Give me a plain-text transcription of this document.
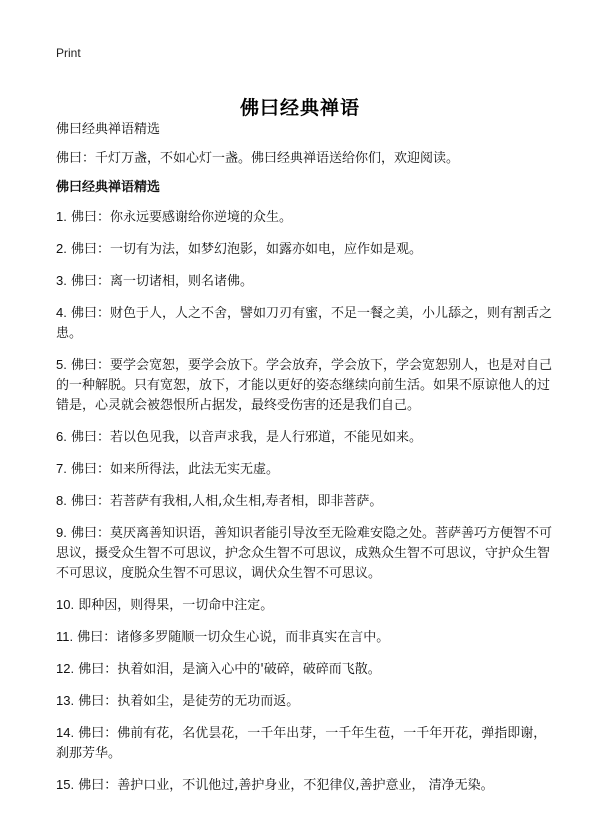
Print
佛曰经典禅语

佛曰经典禅语精选

佛曰：千灯万盏，不如心灯一盏。佛曰经典禅语送给你们，欢迎阅读。

佛曰经典禅语精选

1. 佛曰：你永远要感谢给你逆境的众生。
2. 佛曰：一切有为法，如梦幻泡影，如露亦如电，应作如是观。
3. 佛曰：离一切诸相，则名诸佛。
4. 佛曰：财色于人，人之不舍，譬如刀刃有蜜，不足一餐之美，小儿舔之，则有割舌之患。
5. 佛曰：要学会宽恕，要学会放下。学会放弃，学会放下，学会宽恕别人，也是对自己的一种解脱。只有宽恕，放下，才能以更好的姿态继续向前生活。如果不原谅他人的过错是，心灵就会被怨恨所占据发，最终受伤害的还是我们自己。
6. 佛曰：若以色见我，以音声求我，是人行邪道，不能见如来。
7. 佛曰：如来所得法，此法无实无虚。
8. 佛曰：若菩萨有我相,人相,众生相,寿者相，即非菩萨。
9. 佛曰：莫厌离善知识语，善知识者能引导汝至无险难安隐之处。菩萨善巧方便智不可思议，摄受众生智不可思议，护念众生智不可思议，成熟众生智不可思议，守护众生智不可思议，度脱众生智不可思议，调伏众生智不可思议。
10. 即种因，则得果，一切命中注定。
11. 佛曰：诸修多罗随顺一切众生心说，而非真实在言中。
12. 佛曰：执着如泪，是滴入心中的'破碎，破碎而飞散。
13. 佛曰：执着如尘，是徒劳的无功而返。
14. 佛曰：佛前有花，名优昙花，一千年出芽，一千年生苞，一千年开花，弹指即谢，刹那芳华。
15. 佛曰：善护口业，不讥他过,善护身业，不犯律仪,善护意业， 清净无染。
